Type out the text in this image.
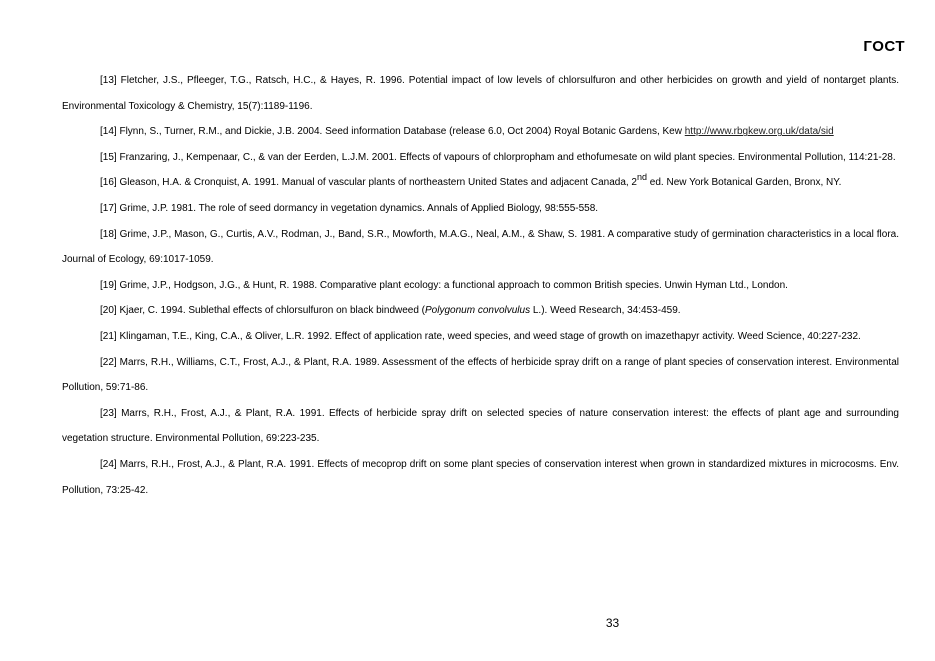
ГОСТ

[13] Fletcher, J.S., Pfleeger, T.G., Ratsch, H.C., & Hayes, R. 1996. Potential impact of low levels of chlorsulfuron and other herbicides on growth and yield of nontarget plants. Environmental Toxicology & Chemistry, 15(7):1189-1196.

[14] Flynn, S., Turner, R.M., and Dickie, J.B. 2004. Seed information Database (release 6.0, Oct 2004) Royal Botanic Gardens, Kew http://www.rbgkew.org.uk/data/sid

[15] Franzaring, J., Kempenaar, C., & van der Eerden, L.J.M. 2001. Effects of vapours of chlorpropham and ethofumesate on wild plant species. Environmental Pollution, 114:21-28.

[16] Gleason, H.A. & Cronquist, A. 1991. Manual of vascular plants of northeastern United States and adjacent Canada, 2nd ed. New York Botanical Garden, Bronx, NY.

[17] Grime, J.P. 1981. The role of seed dormancy in vegetation dynamics. Annals of Applied Biology, 98:555-558.

[18] Grime, J.P., Mason, G., Curtis, A.V., Rodman, J., Band, S.R., Mowforth, M.A.G., Neal, A.M., & Shaw, S. 1981. A comparative study of germination characteristics in a local flora. Journal of Ecology, 69:1017-1059.

[19] Grime, J.P., Hodgson, J.G., & Hunt, R. 1988. Comparative plant ecology: a functional approach to common British species. Unwin Hyman Ltd., London.

[20] Kjaer, C. 1994. Sublethal effects of chlorsulfuron on black bindweed (Polygonum convolvulus L.). Weed Research, 34:453-459.

[21] Klingaman, T.E., King, C.A., & Oliver, L.R. 1992. Effect of application rate, weed species, and weed stage of growth on imazethapyr activity. Weed Science, 40:227-232.

[22] Marrs, R.H., Williams, C.T., Frost, A.J., & Plant, R.A. 1989. Assessment of the effects of herbicide spray drift on a range of plant species of conservation interest. Environmental Pollution, 59:71-86.

[23] Marrs, R.H., Frost, A.J., & Plant, R.A. 1991. Effects of herbicide spray drift on selected species of nature conservation interest: the effects of plant age and surrounding vegetation structure. Environmental Pollution, 69:223-235.

[24] Marrs, R.H., Frost, A.J., & Plant, R.A. 1991. Effects of mecoprop drift on some plant species of conservation interest when grown in standardized mixtures in microcosms. Env. Pollution, 73:25-42.

33
